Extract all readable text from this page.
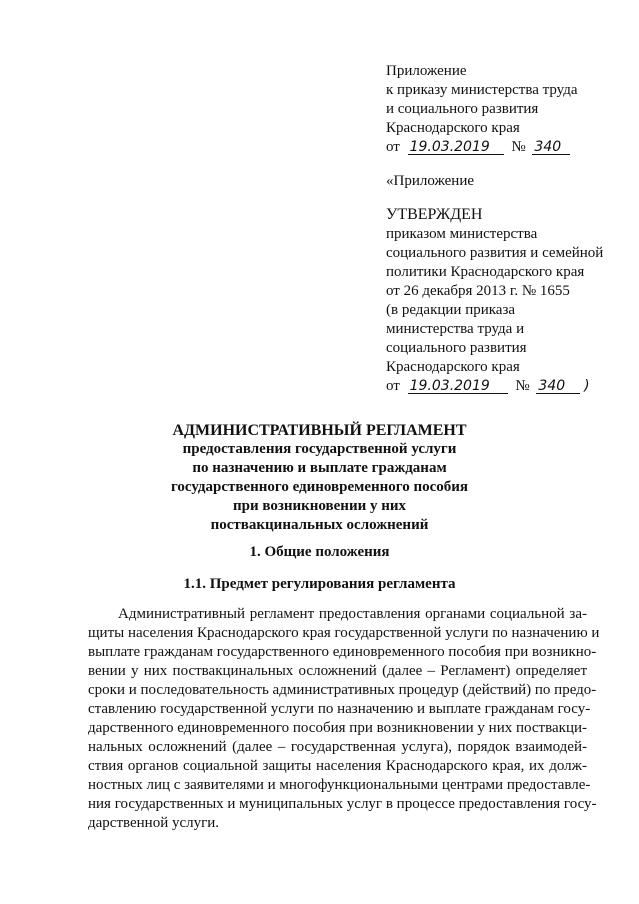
Приложение
к приказу министерства труда
и социального развития
Краснодарского края
от 19.03.2019 № 340
«Приложение
УТВЕРЖДЕН
приказом министерства
социального развития и семейной
политики Краснодарского края
от 26 декабря 2013 г. № 1655
(в редакции приказа
министерства труда и
социального развития
Краснодарского края
от 19.03.2019 № 340 )
АДМИНИСТРАТИВНЫЙ РЕГЛАМЕНТ
предоставления государственной услуги
по назначению и выплате гражданам
государственного единовременного пособия
при возникновении у них
поствакцинальных осложнений
1. Общие положения
1.1. Предмет регулирования регламента
Административный регламент предоставления органами социальной за-
щиты населения Краснодарского края государственной услуги по назначению и
выплате гражданам государственного единовременного пособия при возникно-
вении у них поствакцинальных осложнений (далее – Регламент) определяет
сроки и последовательность административных процедур (действий) по предо-
ставлению государственной услуги по назначению и выплате гражданам госу-
дарственного единовременного пособия при возникновении у них поствакци-
нальных осложнений (далее – государственная услуга), порядок взаимодей-
ствия органов социальной защиты населения Краснодарского края, их долж-
ностных лиц с заявителями и многофункциональными центрами предоставле-
ния государственных и муниципальных услуг в процессе предоставления госу-
дарственной услуги.
